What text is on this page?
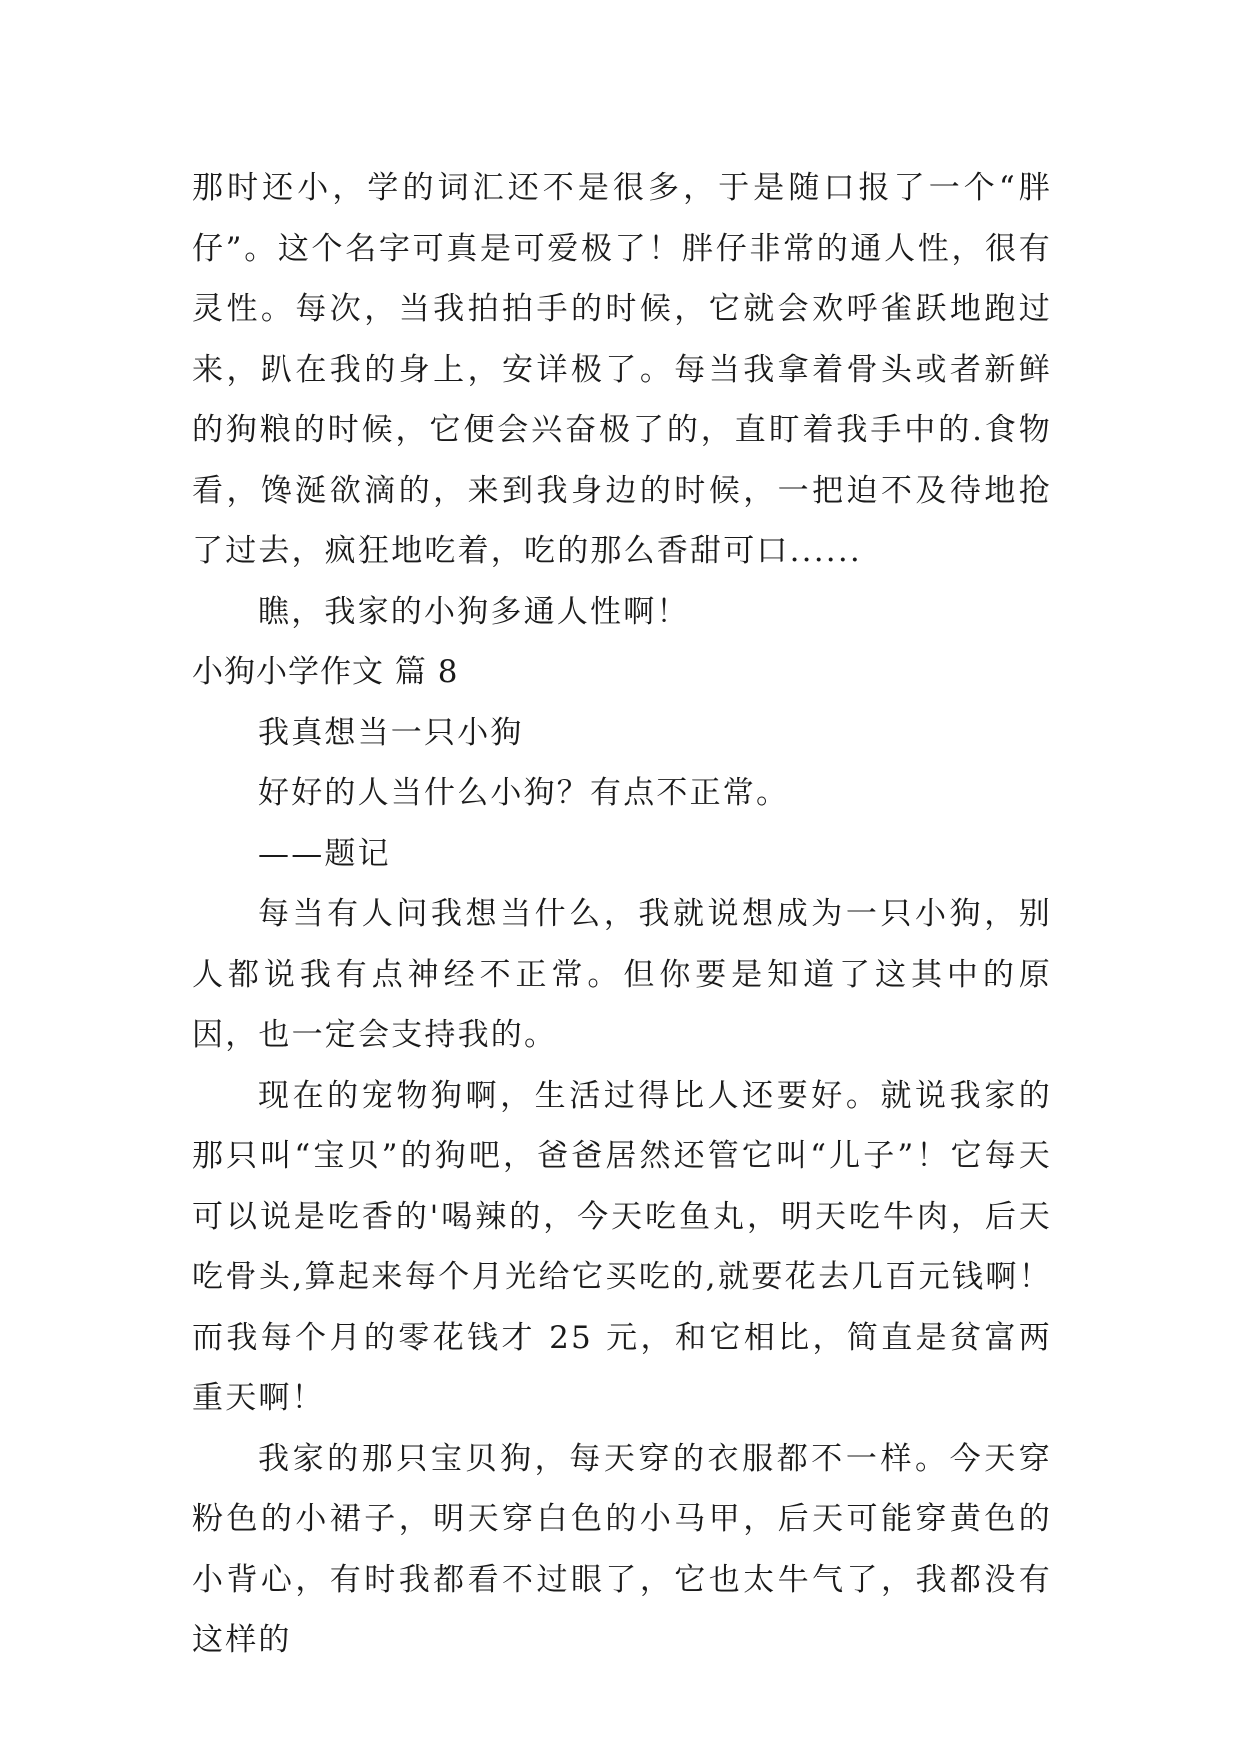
那时还小，学的词汇还不是很多，于是随口报了一个“胖仔”。这个名字可真是可爱极了！胖仔非常的通人性，很有灵性。每次，当我拍拍手的时候，它就会欢呼雀跃地跑过来，趴在我的身上，安详极了。每当我拿着骨头或者新鲜的狗粮的时候，它便会兴奋极了的，直盯着我手中的.食物看，馋涎欲滴的，来到我身边的时候，一把迫不及待地抢了过去，疯狂地吃着，吃的那么香甜可口......

瞧，我家的小狗多通人性啊！

小狗小学作文 篇 8

我真想当一只小狗

好好的人当什么小狗？有点不正常。

——题记

每当有人问我想当什么，我就说想成为一只小狗，别人都说我有点神经不正常。但你要是知道了这其中的原因，也一定会支持我的。

现在的宠物狗啊，生活过得比人还要好。就说我家的那只叫“宝贝”的狗吧，爸爸居然还管它叫“儿子”！它每天可以说是吃香的'喝辣的，今天吃鱼丸，明天吃牛肉，后天吃骨头,算起来每个月光给它买吃的,就要花去几百元钱啊！而我每个月的零花钱才 25 元，和它相比，简直是贫富两重天啊！

我家的那只宝贝狗，每天穿的衣服都不一样。今天穿粉色的小裙子，明天穿白色的小马甲，后天可能穿黄色的小背心，有时我都看不过眼了，它也太牛气了，我都没有这样的
